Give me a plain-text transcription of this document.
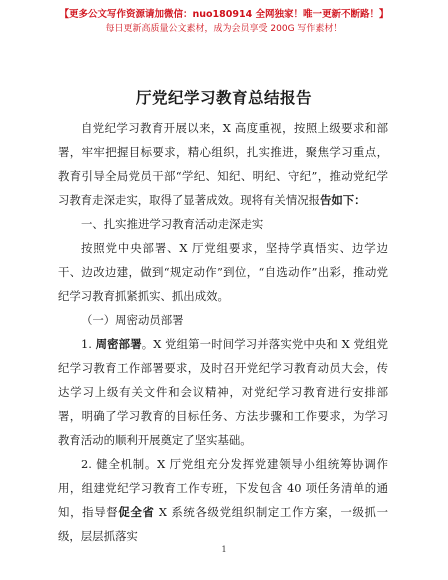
【更多公文写作资源请加微信：nuo180914 全网独家！唯一更新不断路！】
每日更新高质量公文素材，成为会员享受 200G 写作素材！
厅党纪学习教育总结报告

自党纪学习教育开展以来，X 高度重视，按照上级要求和部署，牢牢把握目标要求，精心组织，扎实推进，聚焦学习重点，教育引导全局党员干部“学纪、知纪、明纪、守纪”，推动党纪学习教育走深走实，取得了显著成效。现将有关情况报告如下：

一、扎实推进学习教育活动走深走实

按照党中央部署、X 厅党组要求，坚持学真悟实、边学边干、边改边建，做到“规定动作”到位，“自选动作”出彩，推动党纪学习教育抓紧抓实、抓出成效。

（一）周密动员部署

1. 周密部署。X 党组第一时间学习并落实党中央和 X 党组党纪学习教育工作部署要求，及时召开党纪学习教育动员大会，传达学习上级有关文件和会议精神，对党纪学习教育进行安排部署，明确了学习教育的目标任务、方法步骤和工作要求，为学习教育活动的顺利开展奠定了坚实基础。

2. 健全机制。X 厅党组充分发挥党建领导小组统筹协调作用，组建党纪学习教育工作专班，下发包含 40 项任务清单的通知，指导督促全省 X 系统各级党组织制定工作方案，一级抓一级，层层抓落实

1
